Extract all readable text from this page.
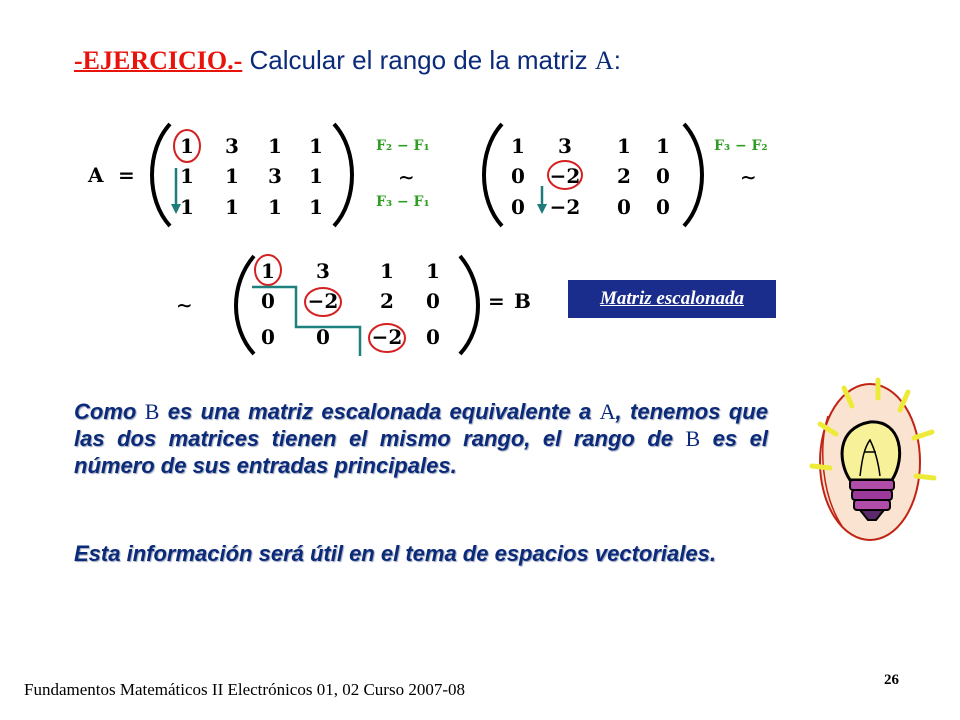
-EJERCICIO.- Calcular el rango de la matriz A:
A =
1 3 1 1
1 1 3 1
1 1 1 1
F₂ − F₁
∼
F₃ − F₁
1 3 1 1
0 −2 2 0
0 −2 0 0
F₃ − F₂
∼
∼
1 3	1 1
0 −2 2 0
0 0 −2 0
= B	Matriz escalonada
Como B es una matriz escalonada equivalente a A, tenemos que las dos matrices tienen el mismo rango, el rango de B es el número de sus entradas principales.
Esta información será útil en el tema de espacios vectoriales.
Fundamentos Matemáticos II Electrónicos 01, 02 Curso 2007-08	26
